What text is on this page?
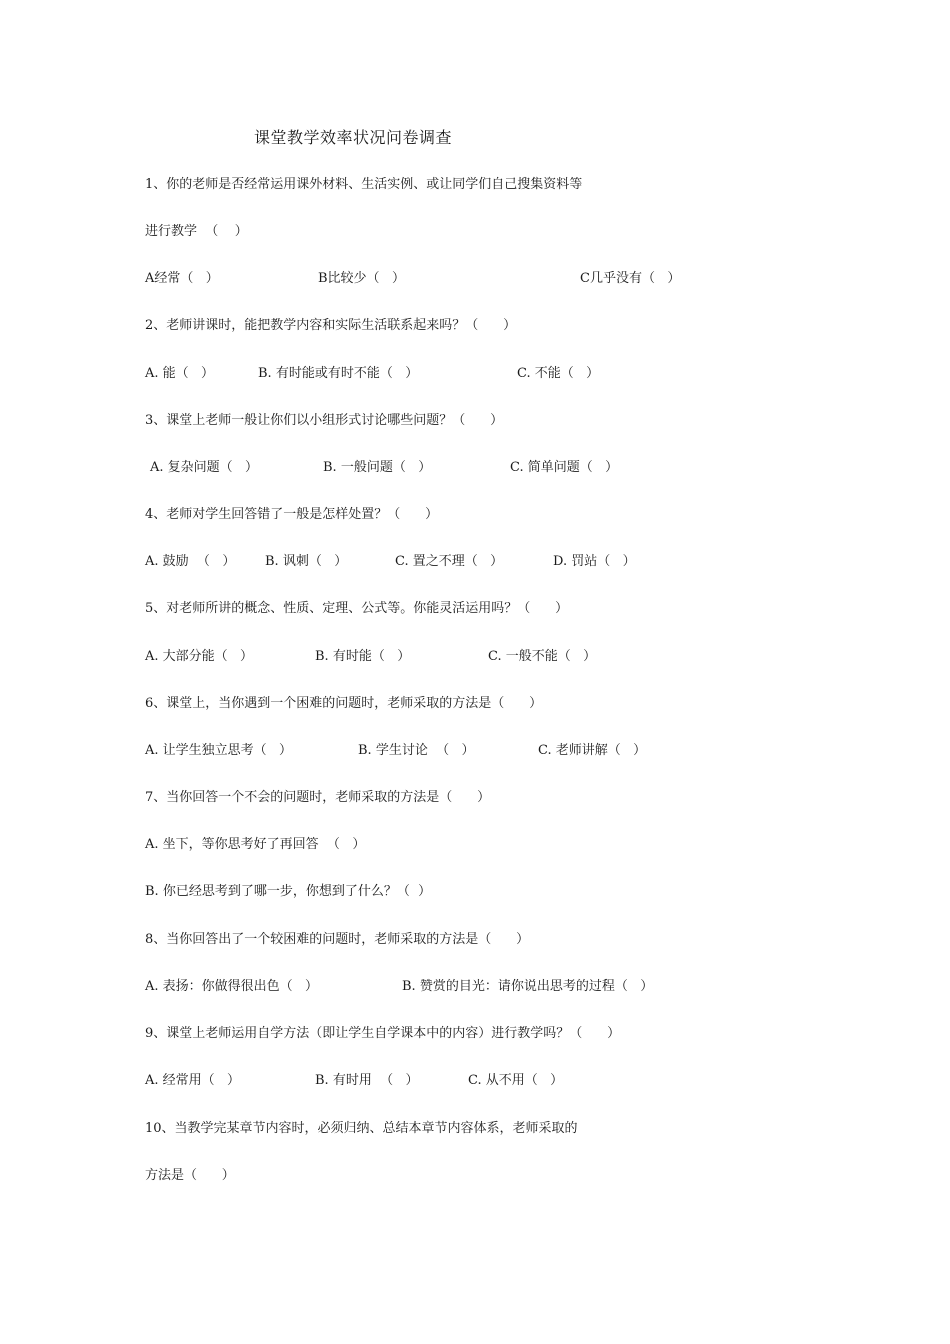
课堂教学效率状况问卷调查
1、你的老师是否经常运用课外材料、生活实例、或让同学们自己搜集资料等
进行教学  （    ）
A经常（   ）	B比较少（   ）	C几乎没有（   ）
2、老师讲课时，能把教学内容和实际生活联系起来吗？（      ）
A. 能（   ）	B. 有时能或有时不能（   ）	C. 不能（   ）
3、课堂上老师一般让你们以小组形式讨论哪些问题？（      ）
A. 复杂问题（   ）	B. 一般问题（   ）	C. 简单问题（   ）
4、老师对学生回答错了一般是怎样处置？（      ）
A. 鼓励  （   ） B. 讽刺（   ）	C. 置之不理（   ）	D. 罚站（   ）
5、对老师所讲的概念、性质、定理、公式等。你能灵活运用吗？（      ）
A. 大部分能（   ）	B. 有时能（   ）	C. 一般不能（   ）
6、课堂上，当你遇到一个困难的问题时，老师采取的方法是（      ）
A. 让学生独立思考（   ）	B. 学生讨论  （   ）	C. 老师讲解（   ）
7、当你回答一个不会的问题时，老师采取的方法是（      ）
A. 坐下，等你思考好了再回答  （   ）
B. 你已经思考到了哪一步，你想到了什么？（  ）
8、当你回答出了一个较困难的问题时，老师采取的方法是（      ）
A. 表扬：你做得很出色（   ）	B. 赞赏的目光：请你说出思考的过程（   ）
9、课堂上老师运用自学方法（即让学生自学课本中的内容）进行教学吗？（      ）
A. 经常用（   ）	B. 有时用  （   ）	C. 从不用（   ）
10、当教学完某章节内容时，必须归纳、总结本章节内容体系，老师采取的
方法是（      ）
